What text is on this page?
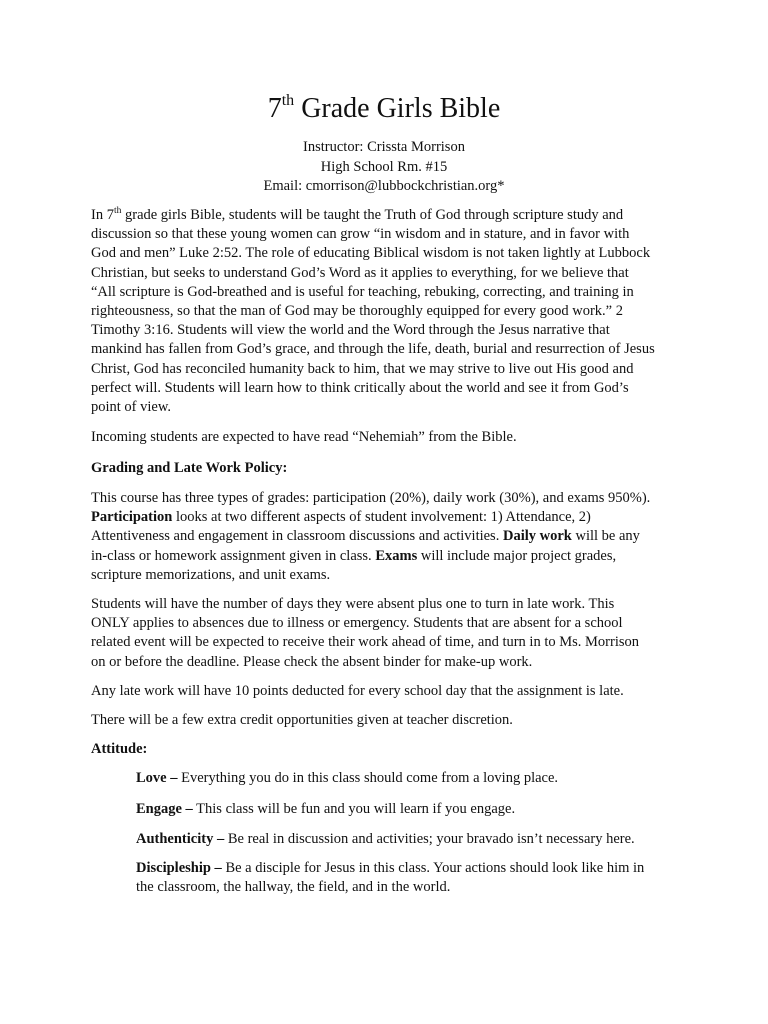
7th Grade Girls Bible
Instructor: Crissta Morrison
High School Rm. #15
Email: cmorrison@lubbockchristian.org*
In 7th grade girls Bible, students will be taught the Truth of God through scripture study and
discussion so that these young women can grow “in wisdom and in stature, and in favor with
God and men” Luke 2:52. The role of educating Biblical wisdom is not taken lightly at Lubbock
Christian, but seeks to understand God’s Word as it applies to everything, for we believe that
“All scripture is God-breathed and is useful for teaching, rebuking, correcting, and training in
righteousness, so that the man of God may be thoroughly equipped for every good work.” 2
Timothy 3:16. Students will view the world and the Word through the Jesus narrative that
mankind has fallen from God’s grace, and through the life, death, burial and resurrection of Jesus
Christ, God has reconciled humanity back to him, that we may strive to live out His good and
perfect will. Students will learn how to think critically about the world and see it from God’s
point of view.
Incoming students are expected to have read “Nehemiah” from the Bible.
Grading and Late Work Policy:
This course has three types of grades: participation (20%), daily work (30%), and exams 950%).
Participation looks at two different aspects of student involvement: 1) Attendance, 2)
Attentiveness and engagement in classroom discussions and activities. Daily work will be any
in-class or homework assignment given in class. Exams will include major project grades,
scripture memorizations, and unit exams.
Students will have the number of days they were absent plus one to turn in late work. This
ONLY applies to absences due to illness or emergency. Students that are absent for a school
related event will be expected to receive their work ahead of time, and turn in to Ms. Morrison
on or before the deadline. Please check the absent binder for make-up work.
Any late work will have 10 points deducted for every school day that the assignment is late.
There will be a few extra credit opportunities given at teacher discretion.
Attitude:
Love – Everything you do in this class should come from a loving place.
Engage – This class will be fun and you will learn if you engage.
Authenticity – Be real in discussion and activities; your bravado isn’t necessary here.
Discipleship – Be a disciple for Jesus in this class. Your actions should look like him in
the classroom, the hallway, the field, and in the world.
